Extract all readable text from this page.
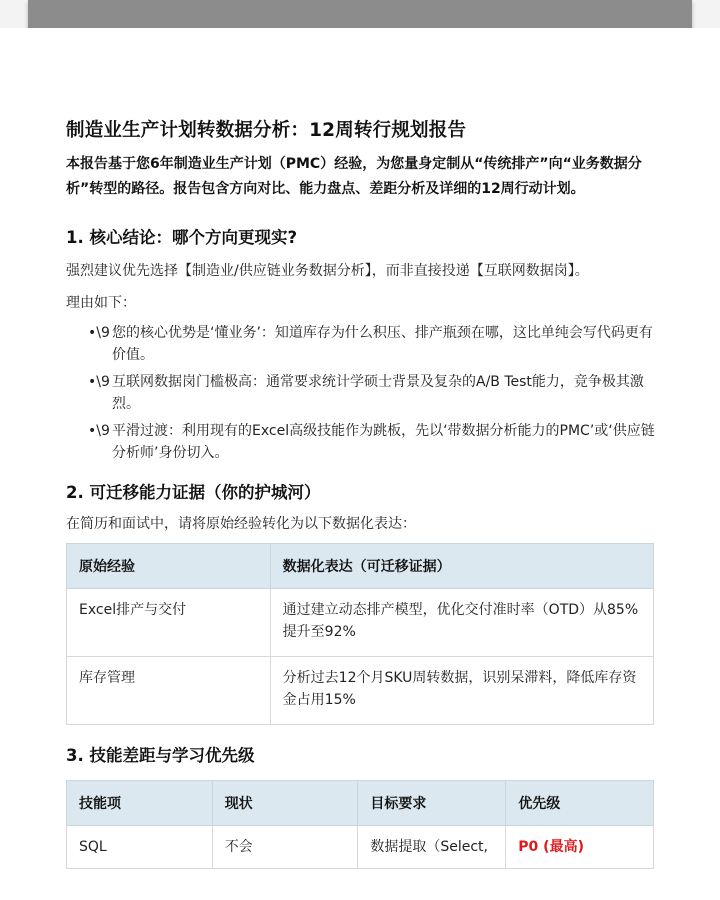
制造业生产计划转数据分析：12周转行规划报告

本报告基于您6年制造业生产计划（PMC）经验，为您量身定制从“传统排产”向“业务数据分析”转型的路径。报告包含方向对比、能力盘点、差距分析及详细的12周行动计划。

1. 核心结论：哪个方向更现实?

强烈建议优先选择【制造业/供应链业务数据分析】，而非直接投递【互联网数据岗】。

理由如下：

•\9 您的核心优势是‘懂业务’：知道库存为什么积压、排产瓶颈在哪，这比单纯会写代码更有价值。
•\9 互联网数据岗门槛极高：通常要求统计学硕士背景及复杂的A/B Test能力，竞争极其激烈。
•\9 平滑过渡：利用现有的Excel高级技能作为跳板，先以‘带数据分析能力的PMC’或‘供应链分析师’身份切入。
2. 可迁移能力证据（你的护城河）

在简历和面试中，请将原始经验转化为以下数据化表达：

原始经验	数据化表达（可迁移证据）
Excel排产与交付	通过建立动态排产模型，优化交付准时率（OTD）从85%提升至92%
库存管理	分析过去12个月SKU周转数据，识别呆滞料，降低库存资金占用15%
3. 技能差距与学习优先级
技能项	现状	目标要求	优先级
SQL	不会	数据提取（Select,	P0 (最高)
